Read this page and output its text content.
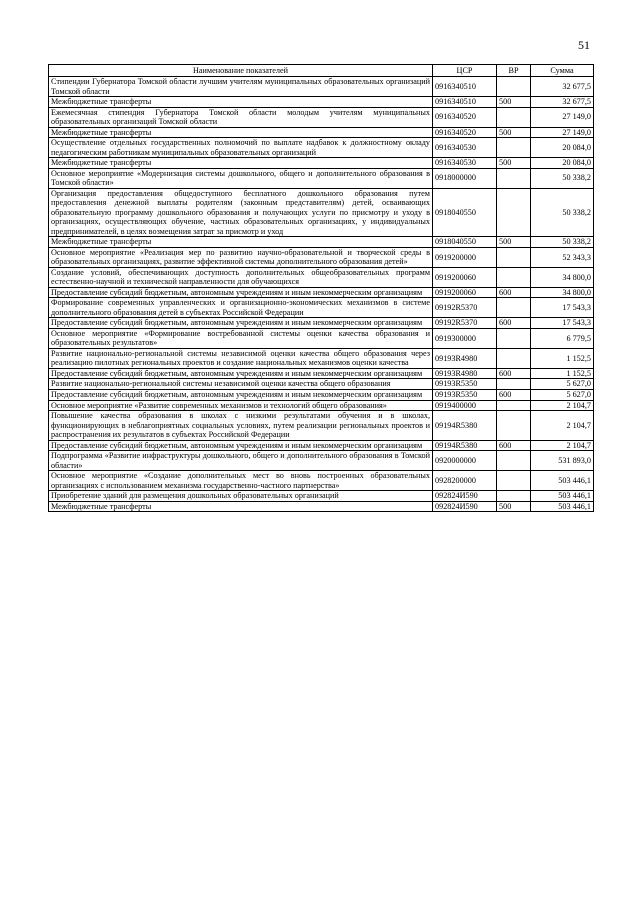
51
Наименование показателей	ЦСР	ВР	Сумма
Стипендии Губернатора Томской области лучшим учителям муниципальных образовательных организаций Томской области	0916340510		32 677,5
Межбюджетные трансферты	0916340510	500	32 677,5
Ежемесячная стипендия Губернатора Томской области молодым учителям муниципальных образовательных организаций Томской области	0916340520		27 149,0
Межбюджетные трансферты	0916340520	500	27 149,0
Осуществление отдельных государственных полномочий по выплате надбавок к должностному окладу педагогическим работникам муниципальных образовательных организаций	0916340530		20 084,0
Межбюджетные трансферты	0916340530	500	20 084,0
Основное мероприятие «Модернизация системы дошкольного, общего и дополнительного образования в Томской области»	0918000000		50 338,2
Организация предоставления общедоступного бесплатного дошкольного образования путем предоставления денежной выплаты родителям (законным представителям) детей, осваивающих образовательную программу дошкольного образования и получающих услуги по присмотру и уходу в организациях, осуществляющих обучение, частных образовательных организациях, у индивидуальных предпринимателей, в целях возмещения затрат за присмотр и уход	0918040550		50 338,2
Межбюджетные трансферты	0918040550	500	50 338,2
Основное мероприятие «Реализация мер по развитию научно-образовательной и творческой среды в образовательных организациях, развитие эффективной системы дополнительного образования детей»	0919200000		52 343,3
Создание условий, обеспечивающих доступность дополнительных общеобразовательных программ естественно-научной и технической направленности для обучающихся	0919200060		34 800,0
Предоставление субсидий бюджетным, автономным учреждениям и иным некоммерческим организациям	0919200060	600	34 800,0
Формирование современных управленческих и организационно-экономических механизмов в системе дополнительного образования детей в субъектах Российской Федерации	09192R5370		17 543,3
Предоставление субсидий бюджетным, автономным учреждениям и иным некоммерческим организациям	09192R5370	600	17 543,3
Основное мероприятие «Формирование востребованной системы оценки качества образования и образовательных результатов»	0919300000		6 779,5
Развитие национально-региональной системы независимой оценки качества общего образования через реализацию пилотных региональных проектов и создание национальных механизмов оценки качества	09193R4980		1 152,5
Предоставление субсидий бюджетным, автономным учреждениям и иным некоммерческим организациям	09193R4980	600	1 152,5
Развитие национально-региональной системы независимой оценки качества общего образования	09193R5350		5 627,0
Предоставление субсидий бюджетным, автономным учреждениям и иным некоммерческим организациям	09193R5350	600	5 627,0
Основное мероприятие «Развитие современных механизмов и технологий общего образования»	0919400000		2 104,7
Повышение качества образования в школах с низкими результатами обучения и в школах, функционирующих в неблагоприятных социальных условиях, путем реализации региональных проектов и распространения их результатов в субъектах Российской Федерации	09194R5380		2 104,7
Предоставление субсидий бюджетным, автономным учреждениям и иным некоммерческим организациям	09194R5380	600	2 104,7
Подпрограмма «Развитие инфраструктуры дошкольного, общего и дополнительного образования в Томской области»	0920000000		531 893,0
Основное мероприятие «Создание дополнительных мест во вновь построенных образовательных организациях с использованием механизма государственно-частного партнерства»	0928200000		503 446,1
Приобретение зданий для размещения дошкольных образовательных организаций	092824И590		503 446,1
Межбюджетные трансферты	092824И590	500	503 446,1
